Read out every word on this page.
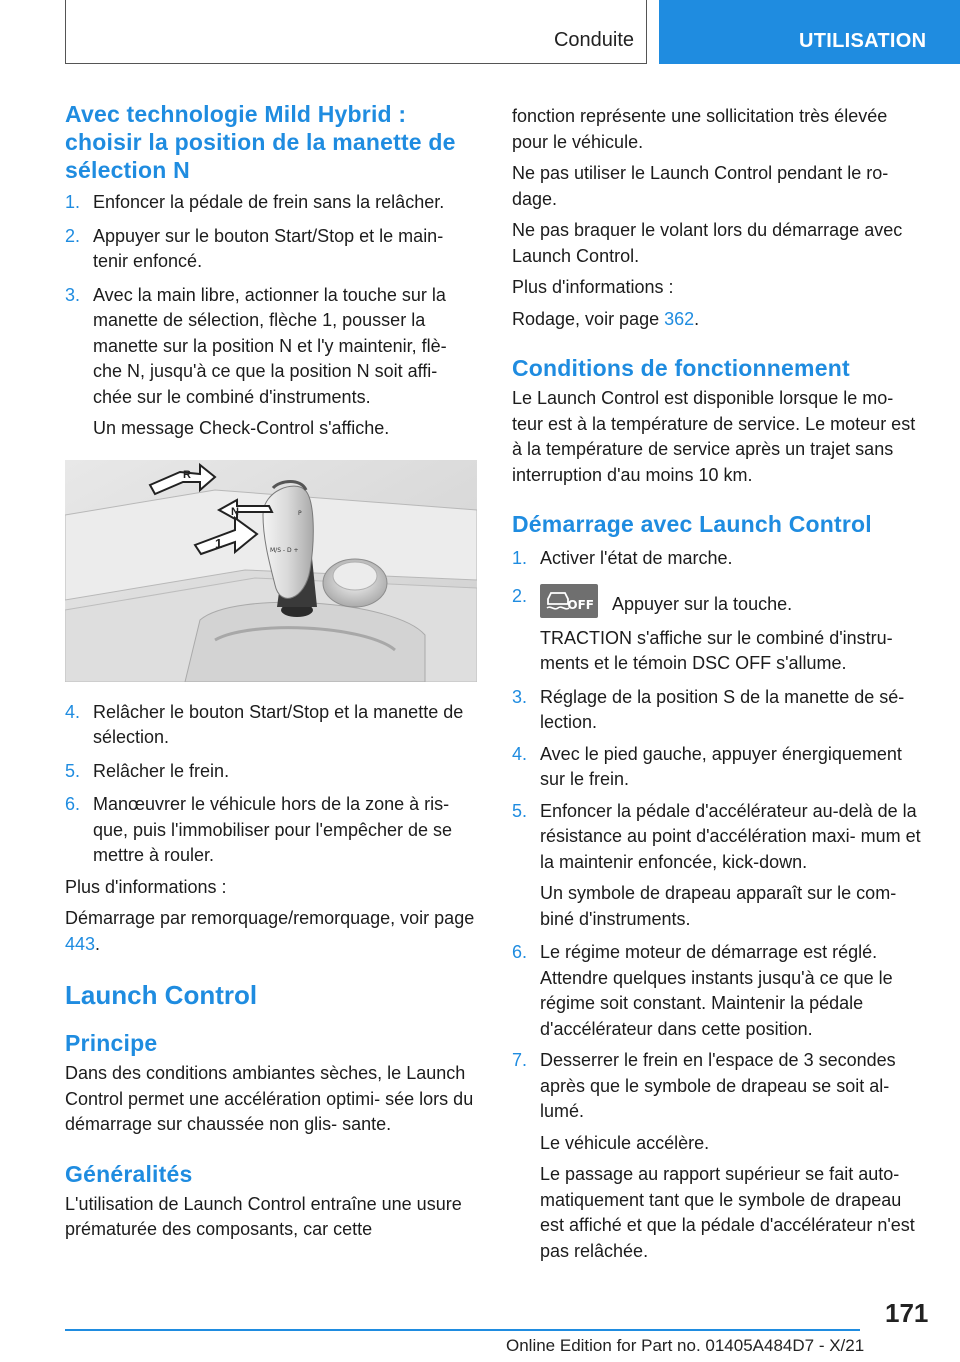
Conduite	UTILISATION
Avec technologie Mild Hybrid : choisir la position de la manette de sélection N
1. Enfoncer la pédale de frein sans la relâcher.
2. Appuyer sur le bouton Start/Stop et le main- tenir enfoncé.
3. Avec la main libre, actionner la touche sur la manette de sélection, flèche 1, pousser la manette sur la position N et l'y maintenir, flè- che N, jusqu'à ce que la position N soit affi- chée sur le combiné d'instruments.
Un message Check-Control s'affiche.
P
M/S - D +
R
N
1
4. Relâcher le bouton Start/Stop et la manette de sélection.
5. Relâcher le frein.
6. Manœuvrer le véhicule hors de la zone à ris- que, puis l'immobiliser pour l'empêcher de se mettre à rouler.

Plus d'informations :

Démarrage par remorquage/remorquage, voir page 443.

Launch Control
Principe

Dans des conditions ambiantes sèches, le Launch Control permet une accélération optimi- sée lors du démarrage sur chaussée non glis- sante.

Généralités

L'utilisation de Launch Control entraîne une usure prématurée des composants, car cette

fonction représente une sollicitation très élevée pour le véhicule.

Ne pas utiliser le Launch Control pendant le ro- dage.

Ne pas braquer le volant lors du démarrage avec Launch Control.

Plus d'informations :

Rodage, voir page 362.

Conditions de fonctionnement

Le Launch Control est disponible lorsque le mo- teur est à la température de service. Le moteur est à la température de service après un trajet sans interruption d'au moins 10 km.

Démarrage avec Launch Control
1. Activer l'état de marche.
2.	OFF Appuyer sur la touche.
TRACTION s'affiche sur le combiné d'instru- ments et le témoin DSC OFF s'allume.
3. Réglage de la position S de la manette de sé- lection.
4. Avec le pied gauche, appuyer énergiquement sur le frein.
5. Enfoncer la pédale d'accélérateur au-delà de la résistance au point d'accélération maxi- mum et la maintenir enfoncée, kick-down.
Un symbole de drapeau apparaît sur le com- biné d'instruments.
6. Le régime moteur de démarrage est réglé. Attendre quelques instants jusqu'à ce que le régime soit constant. Maintenir la pédale d'accélérateur dans cette position.
7. Desserrer le frein en l'espace de 3 secondes après que le symbole de drapeau se soit al- lumé.
Le véhicule accélère.
Le passage au rapport supérieur se fait auto- matiquement tant que le symbole de drapeau est affiché et que la pédale d'accélérateur n'est pas relâchée.
171
Online Edition for Part no. 01405A484D7 - X/21
